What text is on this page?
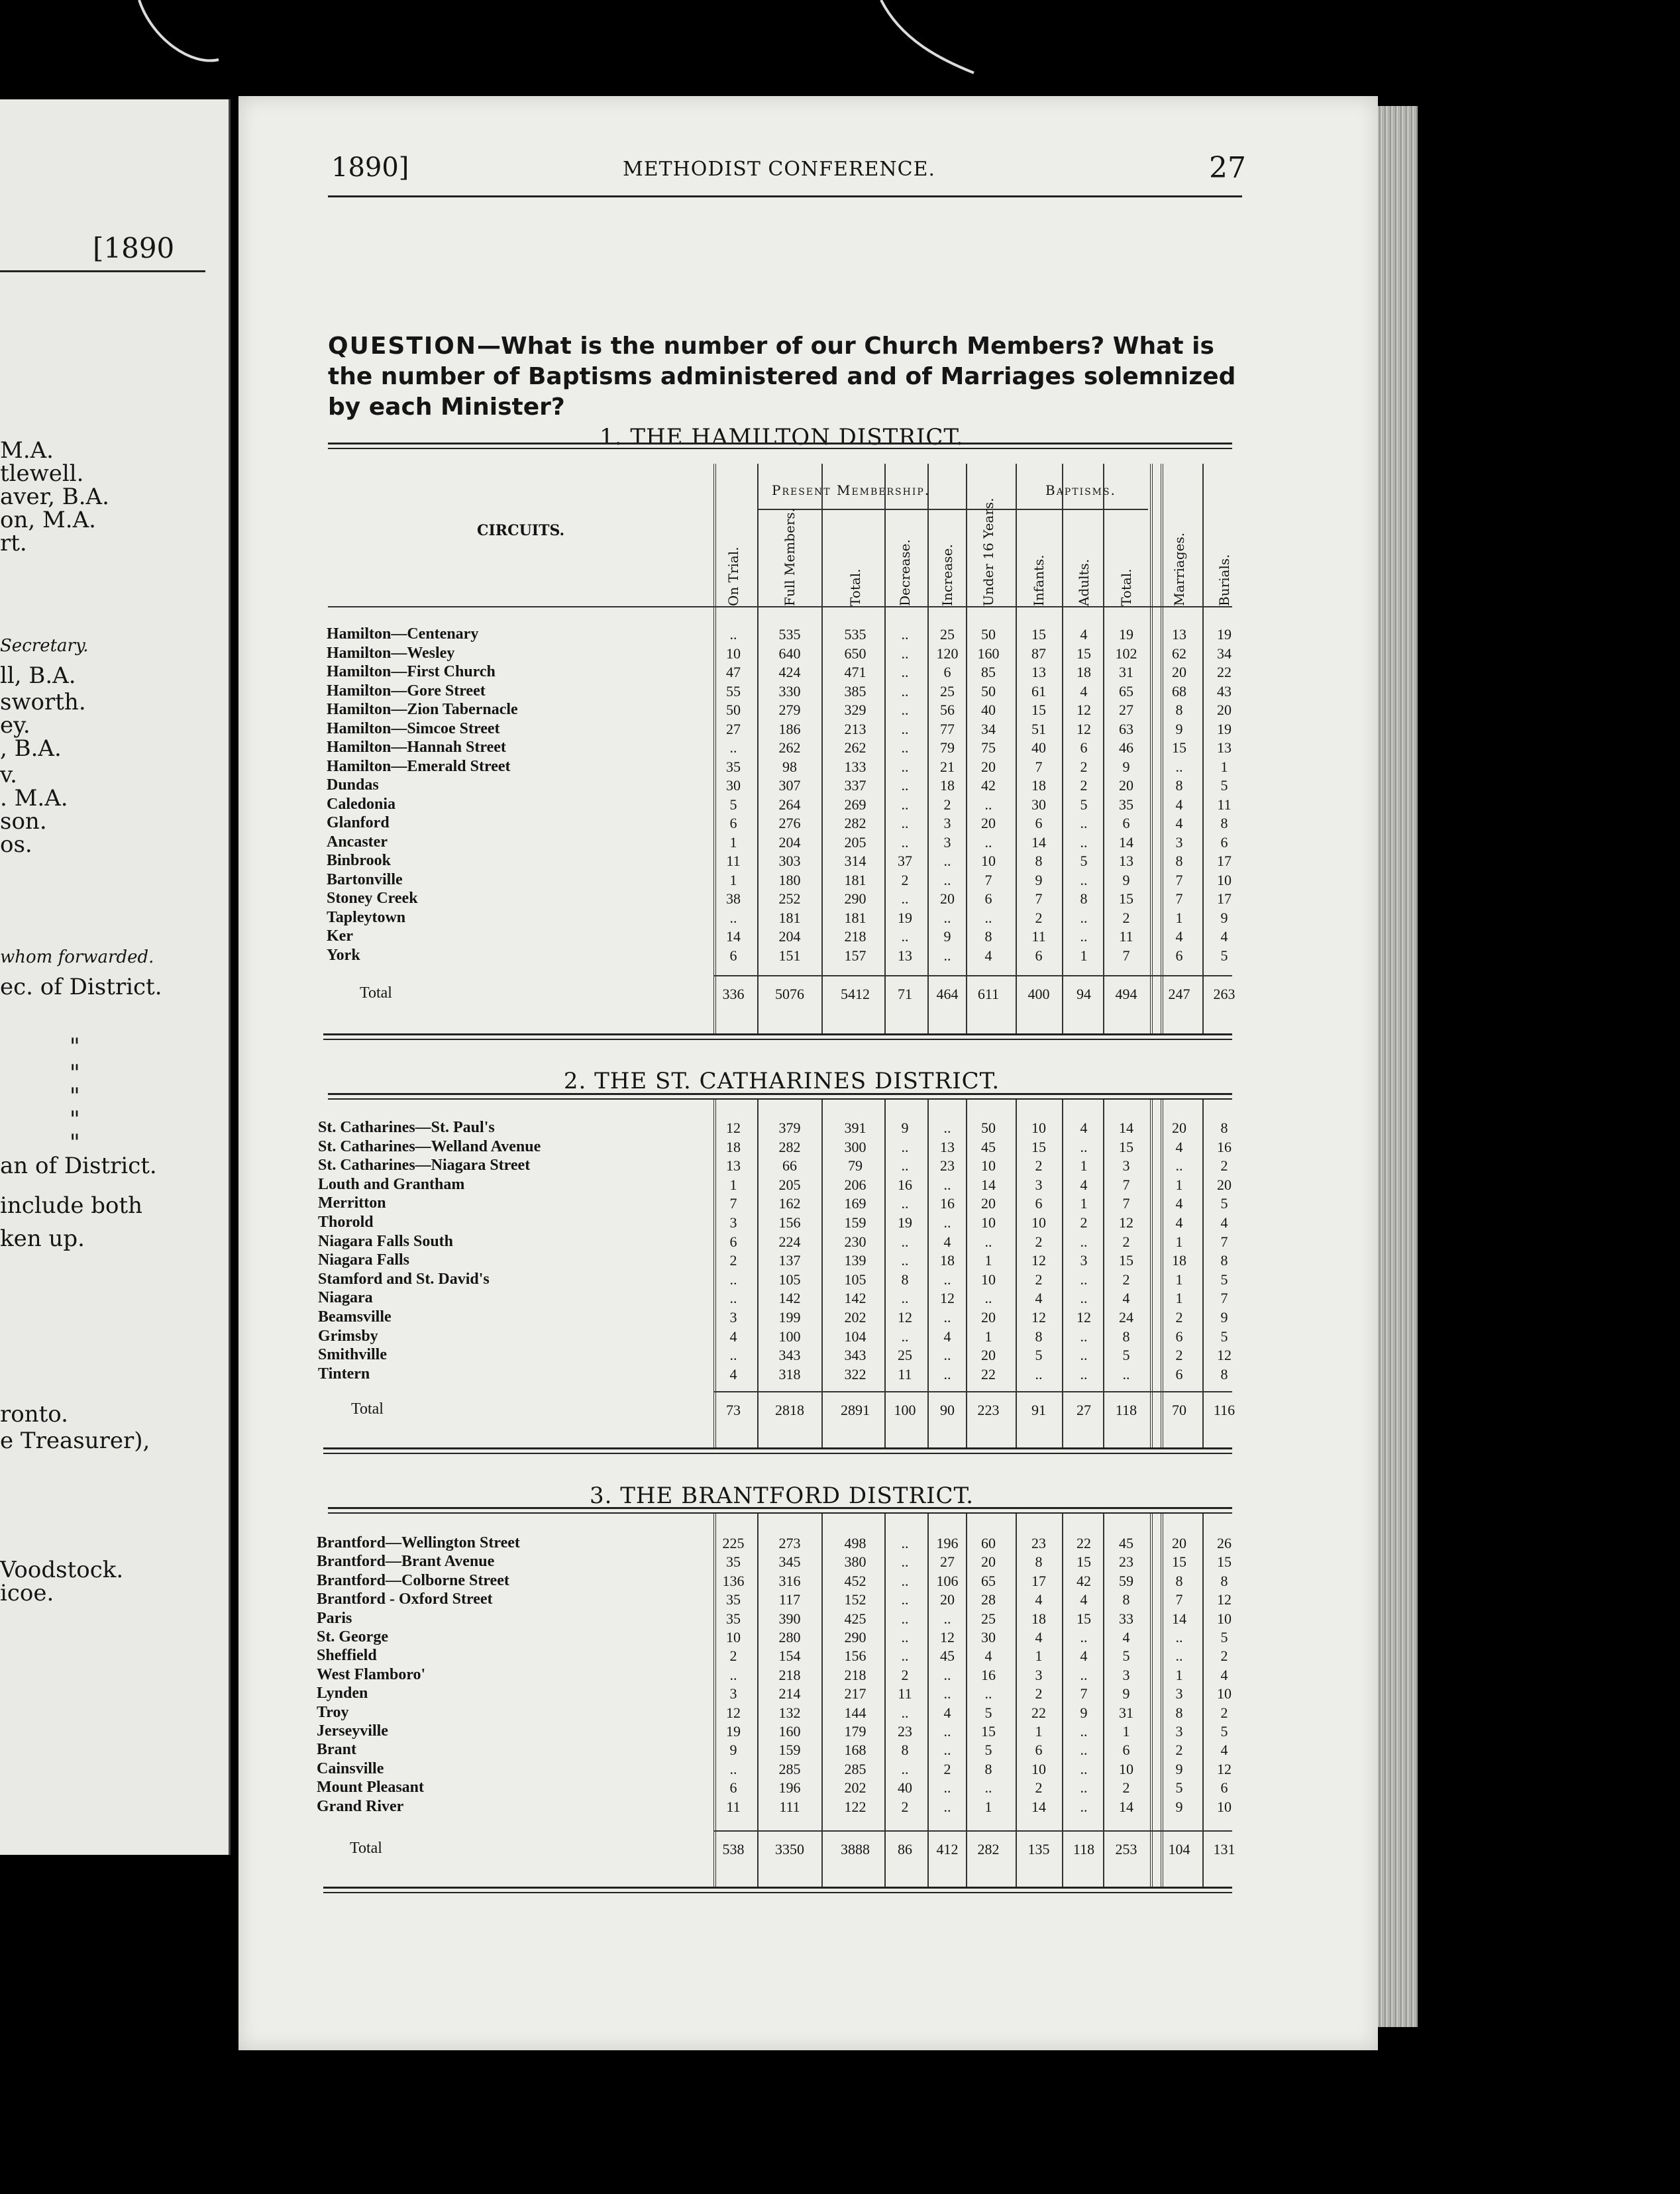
[1890
M.A.
tlewell.
aver, B.A.
on, M.A.
rt.
Secretary.
ll, B.A.
sworth.
ey.
, B.A.
v.
. M.A.
son.
os.
whom forwarded.
ec. of District.
"
"
"
"
"
an of District.
include both
ken up.
ronto.
e Treasurer),
Voodstock.
icoe.
1890]	METHODIST CONFERENCE.	27
QUESTION—What is the number of our Church Members? What is the number of Baptisms administered and of Marriages solemnized by each Minister?
1. THE HAMILTON DISTRICT.
CIRCUITS.
Present Membership.	Baptisms.
On Trial.	Full Members.	Total.	Decrease. Increase. Under 16 Years.	Infants. Adults. Total.	Marriages. Burials.
Hamilton—Centenary	..	535	535	..	25	50	15	4	19	13	19
Hamilton—Wesley	10	640	650	..	120	160	87	15	102	62	34
Hamilton—First Church	47	424	471	..	6	85	13	18	31	20	22
Hamilton—Gore Street	55	330	385	..	25	50	61	4	65	68	43
Hamilton—Zion Tabernacle	50	279	329	..	56	40	15	12	27	8	20
Hamilton—Simcoe Street	27	186	213	..	77	34	51	12	63	9	19
Hamilton—Hannah Street	..	262	262	..	79	75	40	6	46	15	13
Hamilton—Emerald Street	35	98	133	..	21	20	7	2	9	..	1
Dundas	30	307	337	..	18	42	18	2	20	8	5
Caledonia	5	264	269	..	2	..	30	5	35	4	11
Glanford	6	276	282	..	3	20	6	..	6	4	8
Ancaster	1	204	205	..	3	..	14	..	14	3	6
Binbrook	11	303	314	37	..	10	8	5	13	8	17
Bartonville	1	180	181	2	..	7	9	..	9	7	10
Stoney Creek	38	252	290	..	20	6	7	8	15	7	17
Tapleytown	..	181	181	19	..	..	2	..	2	1	9
Ker	14	204	218	..	9	8	11	..	11	4	4
York	6	151	157	13	..	4	6	1	7	6	5
Total	336	5076	5412	71	464	611	400	94	494	247	263
2. THE ST. CATHARINES DISTRICT.
St. Catharines—St. Paul's	12	379	391	9	..	50	10	4	14	20	8
St. Catharines—Welland Avenue	18	282	300	..	13	45	15	..	15	4	16
St. Catharines—Niagara Street	13	66	79	..	23	10	2	1	3	..	2
Louth and Grantham	1	205	206	16	..	14	3	4	7	1	20
Merritton	7	162	169	..	16	20	6	1	7	4	5
Thorold	3	156	159	19	..	10	10	2	12	4	4
Niagara Falls South	6	224	230	..	4	..	2	..	2	1	7
Niagara Falls	2	137	139	..	18	1	12	3	15	18	8
Stamford and St. David's	..	105	105	8	..	10	2	..	2	1	5
Niagara	..	142	142	..	12	..	4	..	4	1	7
Beamsville	3	199	202	12	..	20	12	12	24	2	9
Grimsby	4	100	104	..	4	1	8	..	8	6	5
Smithville	..	343	343	25	..	20	5	..	5	2	12
Tintern	4	318	322	11	..	22	..	..	..	6	8
Total	73	2818	2891	100	90	223	91	27	118	70	116
3. THE BRANTFORD DISTRICT.
Brantford—Wellington Street	225	273	498	..	196	60	23	22	45	20	26
Brantford—Brant Avenue	35	345	380	..	27	20	8	15	23	15	15
Brantford—Colborne Street	136	316	452	..	106	65	17	42	59	8	8
Brantford - Oxford Street	35	117	152	..	20	28	4	4	8	7	12
Paris	35	390	425	..	..	25	18	15	33	14	10
St. George	10	280	290	..	12	30	4	..	4	..	5
Sheffield	2	154	156	..	45	4	1	4	5	..	2
West Flamboro'	..	218	218	2	..	16	3	..	3	1	4
Lynden	3	214	217	11	..	..	2	7	9	3	10
Troy	12	132	144	..	4	5	22	9	31	8	2
Jerseyville	19	160	179	23	..	15	1	..	1	3	5
Brant	9	159	168	8	..	5	6	..	6	2	4
Cainsville	..	285	285	..	2	8	10	..	10	9	12
Mount Pleasant	6	196	202	40	..	..	2	..	2	5	6
Grand River	11	111	122	2	..	1	14	..	14	9	10
Total	538	3350	3888	86	412	282	135	118	253	104	131
